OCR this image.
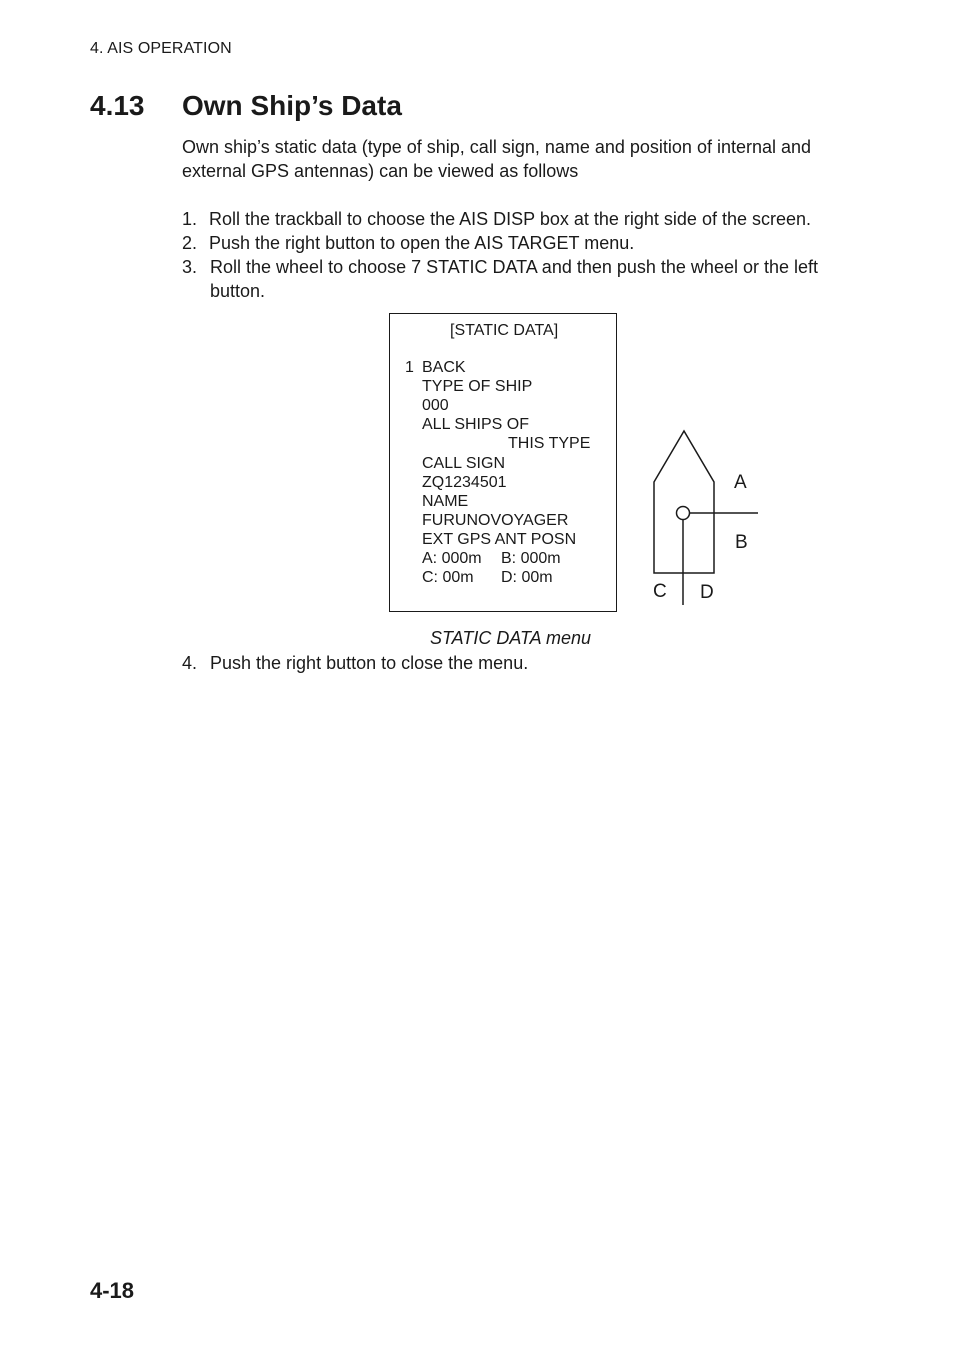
4. AIS OPERATION
4.13 Own Ship’s Data
Own ship’s static data (type of ship, call sign, name and position of internal and external GPS antennas) can be viewed as follows
1. Roll the trackball to choose the AIS DISP box at the right side of the screen.
2. Push the right button to open the AIS TARGET menu.
3. Roll the wheel to choose 7 STATIC DATA and then push the wheel or the left button.
[STATIC DATA]
1 BACK
TYPE OF SHIP
000
ALL SHIPS OF
THIS TYPE
CALL SIGN
ZQ1234501
NAME
FURUNOVOYAGER
EXT GPS ANT POSN
A: 000m B: 000m
C: 00m D: 00m
A
B
C D
STATIC DATA menu
4. Push the right button to close the menu.
4-18
